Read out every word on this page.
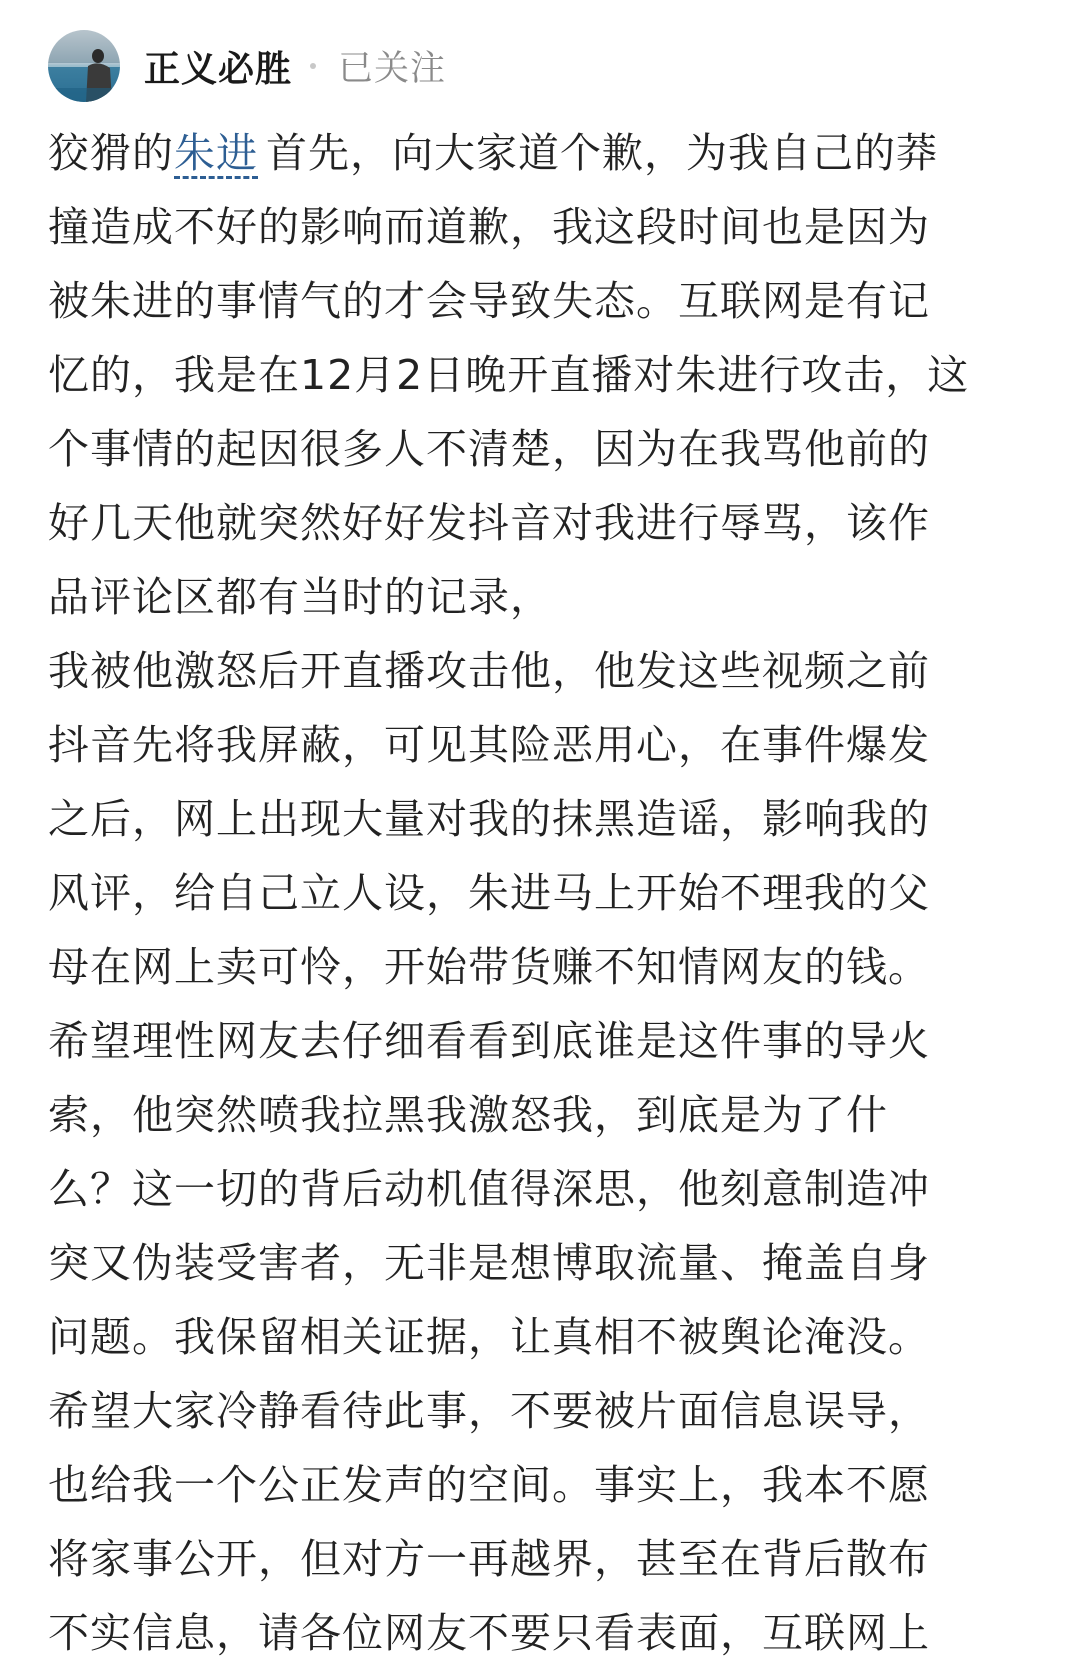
正义必胜 已关注
狡猾的朱进 首先，向大家道个歉，为我自己的莽
撞造成不好的影响而道歉，我这段时间也是因为
被朱进的事情气的才会导致失态。互联网是有记
忆的，我是在12月2日晚开直播对朱进行攻击，这
个事情的起因很多人不清楚，因为在我骂他前的
好几天他就突然好好发抖音对我进行辱骂，该作
品评论区都有当时的记录，
我被他激怒后开直播攻击他，他发这些视频之前
抖音先将我屏蔽，可见其险恶用心，在事件爆发
之后，网上出现大量对我的抹黑造谣，影响我的
风评，给自己立人设，朱进马上开始不理我的父
母在网上卖可怜，开始带货赚不知情网友的钱。
希望理性网友去仔细看看到底谁是这件事的导火
索，他突然喷我拉黑我激怒我，到底是为了什
么？这一切的背后动机值得深思，他刻意制造冲
突又伪装受害者，无非是想博取流量、掩盖自身
问题。我保留相关证据，让真相不被舆论淹没。
希望大家冷静看待此事，不要被片面信息误导，
也给我一个公正发声的空间。事实上，我本不愿
将家事公开，但对方一再越界，甚至在背后散布
不实信息，请各位网友不要只看表面，互联网上
